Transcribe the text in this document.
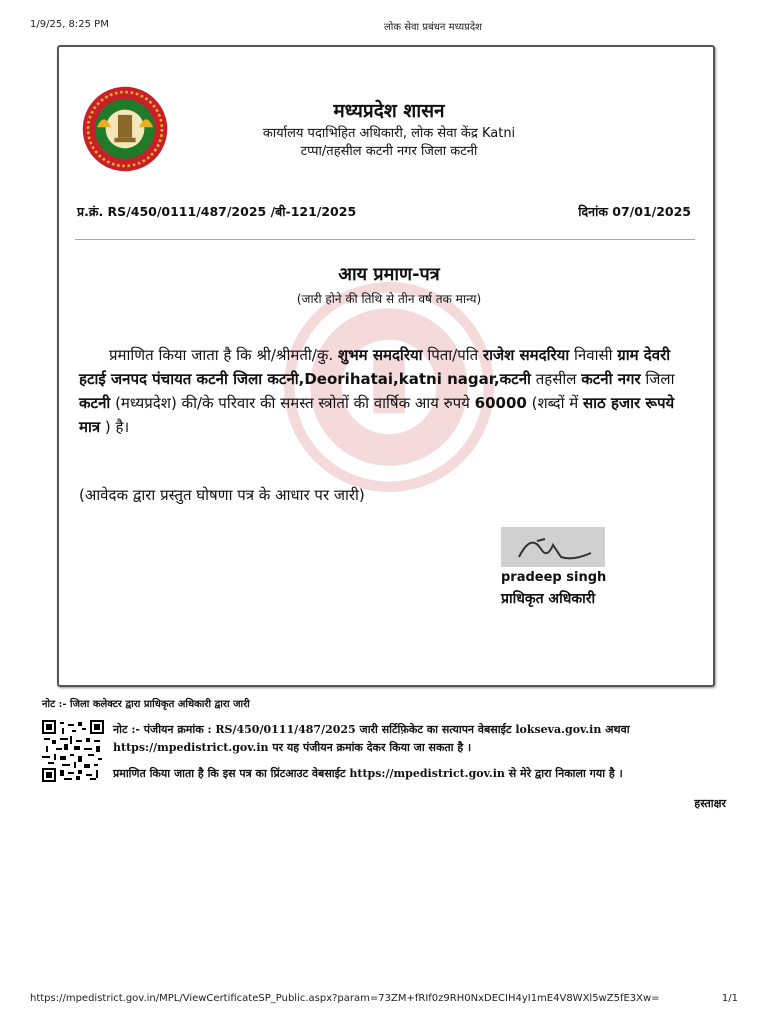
1/9/25, 8:25 PM	लोक सेवा प्रबंधन मध्यप्रदेश
मध्यप्रदेश शासन
कार्यालय पदाभिहित अधिकारी, लोक सेवा केंद्र Katni
टप्पा/तहसील कटनी नगर जिला कटनी
प्र.क्रं. RS/450/0111/487/2025 /बी-121/2025	दिनांक 07/01/2025
आय प्रमाण-पत्र
(जारी होने की तिथि से तीन वर्ष तक मान्य)
प्रमाणित किया जाता है कि श्री/श्रीमती/कु. शुभम समदरिया पिता/पति राजेश समदरिया निवासी ग्राम देवरी हटाई जनपद पंचायत कटनी जिला कटनी,Deorihatai,katni nagar,कटनी तहसील कटनी नगर जिला कटनी (मध्यप्रदेश) की/के परिवार की समस्त स्त्रोतों की वार्षिक आय रुपये 60000 (शब्दों में साठ हजार रूपये मात्र ) है।
(आवेदक द्वारा प्रस्तुत घोषणा पत्र के आधार पर जारी)
pradeep singh
प्राधिकृत अधिकारी
नोट :- जिला कलेक्टर द्वारा प्राधिकृत अधिकारी द्वारा जारी
नोट :- पंजीयन क्रमांक : RS/450/0111/487/2025 जारी सर्टिफ़िकेट का सत्यापन वेबसाईट lokseva.gov.in अथवा
https://mpedistrict.gov.in पर यह पंजीयन क्रमांक देकर किया जा सकता है ।
प्रमाणित किया जाता है कि इस पत्र का प्रिंटआउट वेबसाईट https://mpedistrict.gov.in से मेरे द्वारा निकाला गया है ।
हस्ताक्षर
https://mpedistrict.gov.in/MPL/ViewCertificateSP_Public.aspx?param=73ZM+fRIf0z9RH0NxDECIH4yI1mE4V8WXl5wZ5fE3Xw=	1/1
